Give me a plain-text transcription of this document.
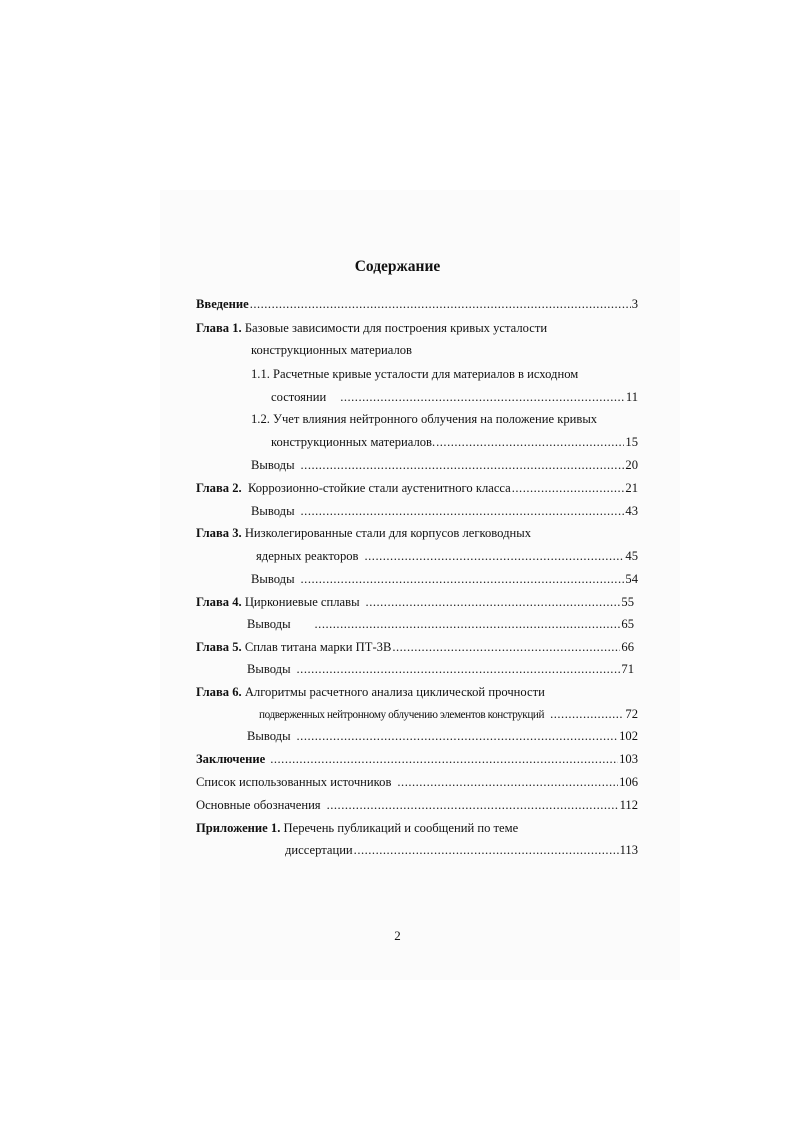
Содержание
Введение .....	3
Глава 1. Базовые зависимости для построения кривых усталости
конструкционных материалов
1.1. Расчетные кривые усталости для материалов в исходном
состоянии .....	11
1.2. Учет влияния нейтронного облучения на положение кривых
конструкционных материалов. .....	15
Выводы .....	20
Глава 2. Коррозионно-стойкие стали аустенитного класса .....	21
Выводы .....	43
Глава 3. Низколегированные стали для корпусов легководных
ядерных реакторов .....	45
Выводы .....	54
Глава 4. Циркониевые сплавы .....	55
Выводы .....	65
Глава 5. Сплав титана марки ПТ-3В .....	66
Выводы .....	71
Глава 6. Алгоритмы расчетного анализа циклической прочности
подверженных нейтронному облучению элементов конструкций .....	72
Выводы .....	102
Заключение .....	103
Список использованных источников .....	106
Основные обозначения .....	112
Приложение 1. Перечень публикаций и сообщений по теме
диссертации .....	113
2
